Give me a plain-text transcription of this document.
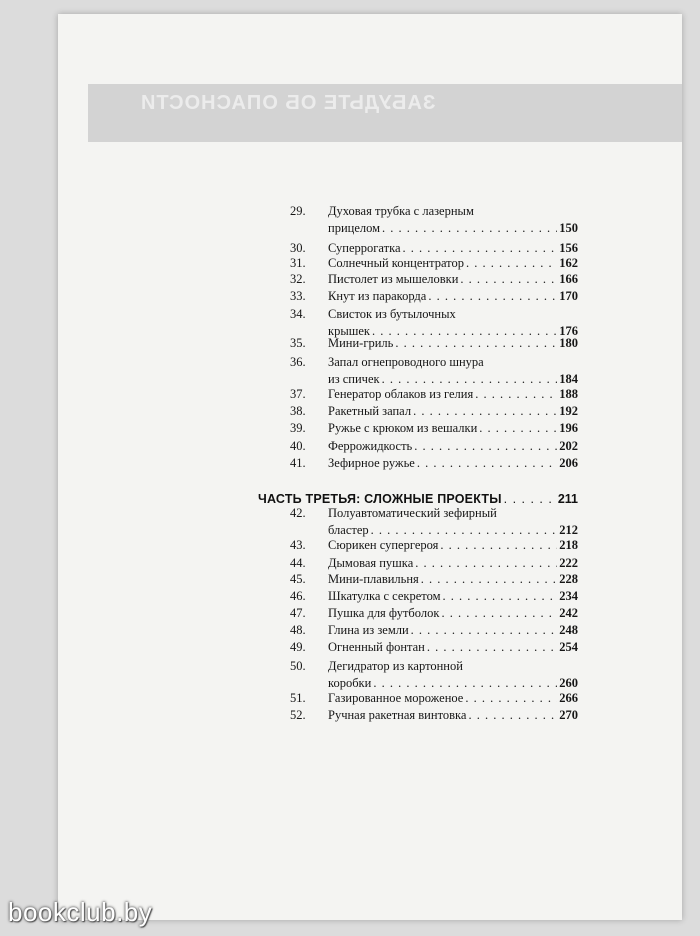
ЗАБУДЬТЕ ОБ ОПАСНОСТИ
ЧАСТЬ ТРЕТЬЯ: СЛОЖНЫЕ ПРОЕКТЫ . . .	211
29.	Духовая трубка с лазерным
прицелом . . .	150
30.	Суперрогатка . . .	156
31.	Солнечный концентратор . . .	162
32.	Пистолет из мышеловки . . .	166
33.	Кнут из паракорда . . .	170
34.	Свисток из бутылочных
крышек . . .	176
35.	Мини-гриль . . .	180
36.	Запал огнепроводного шнура
из спичек . . .	184
37.	Генератор облаков из гелия . . .	188
38.	Ракетный запал . . .	192
39.	Ружье с крюком из вешалки . . .	196
40.	Феррожидкость . . .	202
41.	Зефирное ружье . . .	206
42.	Полуавтоматический зефирный
бластер . . .	212
43.	Сюрикен супергероя . . .	218
44.	Дымовая пушка . . .	222
45.	Мини-плавильня . . .	228
46.	Шкатулка с секретом . . .	234
47.	Пушка для футболок . . .	242
48.	Глина из земли . . .	248
49.	Огненный фонтан . . .	254
50.	Дегидратор из картонной
коробки . . .	260
51.	Газированное мороженое . . .	266
52.	Ручная ракетная винтовка . . .	270
bookclub.by
